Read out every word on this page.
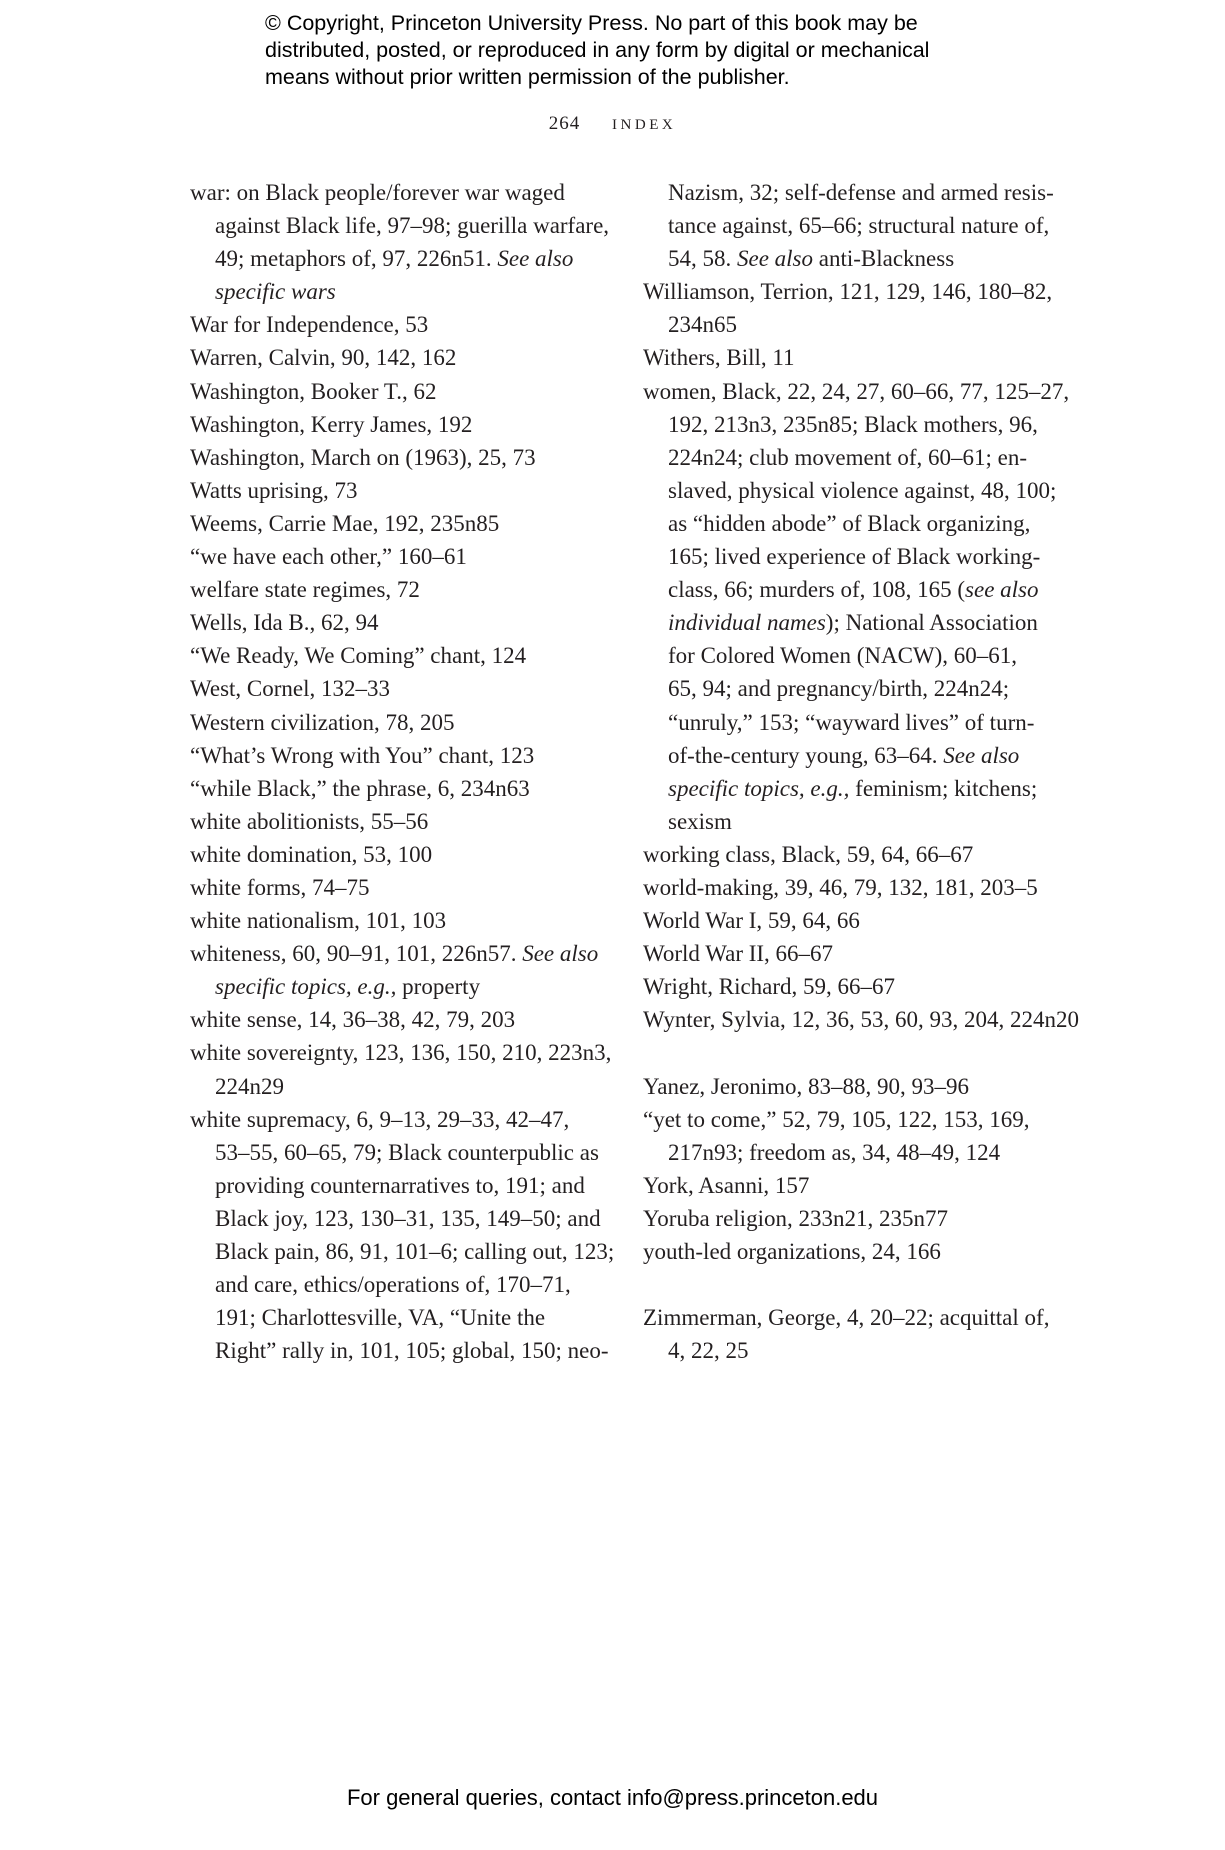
© Copyright, Princeton University Press. No part of this book may be
distributed, posted, or reproduced in any form by digital or mechanical
means without prior written permission of the publisher.
264 INDEX
war: on Black people/forever war waged
against Black life, 97–98; guerilla warfare,
49; metaphors of, 97, 226n51. See also
specific wars
War for Independence, 53
Warren, Calvin, 90, 142, 162
Washington, Booker T., 62
Washington, Kerry James, 192
Washington, March on (1963), 25, 73
Watts uprising, 73
Weems, Carrie Mae, 192, 235n85
“we have each other,” 160–61
welfare state regimes, 72
Wells, Ida B., 62, 94
“We Ready, We Coming” chant, 124
West, Cornel, 132–33
Western civilization, 78, 205
“What’s Wrong with You” chant, 123
“while Black,” the phrase, 6, 234n63
white abolitionists, 55–56
white domination, 53, 100
white forms, 74–75
white nationalism, 101, 103
whiteness, 60, 90–91, 101, 226n57. See also
specific topics, e.g., property
white sense, 14, 36–38, 42, 79, 203
white sovereignty, 123, 136, 150, 210, 223n3,
224n29
white supremacy, 6, 9–13, 29–33, 42–47,
53–55, 60–65, 79; Black counterpublic as
providing counternarratives to, 191; and
Black joy, 123, 130–31, 135, 149–50; and
Black pain, 86, 91, 101–6; calling out, 123;
and care, ethics/operations of, 170–71,
191; Charlottesville, VA, “Unite the
Right” rally in, 101, 105; global, 150; neo-
Nazism, 32; self-defense and armed resis-
tance against, 65–66; structural nature of,
54, 58. See also anti-Blackness
Williamson, Terrion, 121, 129, 146, 180–82,
234n65
Withers, Bill, 11
women, Black, 22, 24, 27, 60–66, 77, 125–27,
192, 213n3, 235n85; Black mothers, 96,
224n24; club movement of, 60–61; en-
slaved, physical violence against, 48, 100;
as “hidden abode” of Black organizing,
165; lived experience of Black working-
class, 66; murders of, 108, 165 (see also
individual names); National Association
for Colored Women (NACW), 60–61,
65, 94; and pregnancy/birth, 224n24;
“unruly,” 153; “wayward lives” of turn-
of-the-century young, 63–64. See also
specific topics, e.g., feminism; kitchens;
sexism
working class, Black, 59, 64, 66–67
world-making, 39, 46, 79, 132, 181, 203–5
World War I, 59, 64, 66
World War II, 66–67
Wright, Richard, 59, 66–67
Wynter, Sylvia, 12, 36, 53, 60, 93, 204, 224n20
Yanez, Jeronimo, 83–88, 90, 93–96
“yet to come,” 52, 79, 105, 122, 153, 169,
217n93; freedom as, 34, 48–49, 124
York, Asanni, 157
Yoruba religion, 233n21, 235n77
youth-led organizations, 24, 166
Zimmerman, George, 4, 20–22; acquittal of,
4, 22, 25
For general queries, contact info@press.princeton.edu
